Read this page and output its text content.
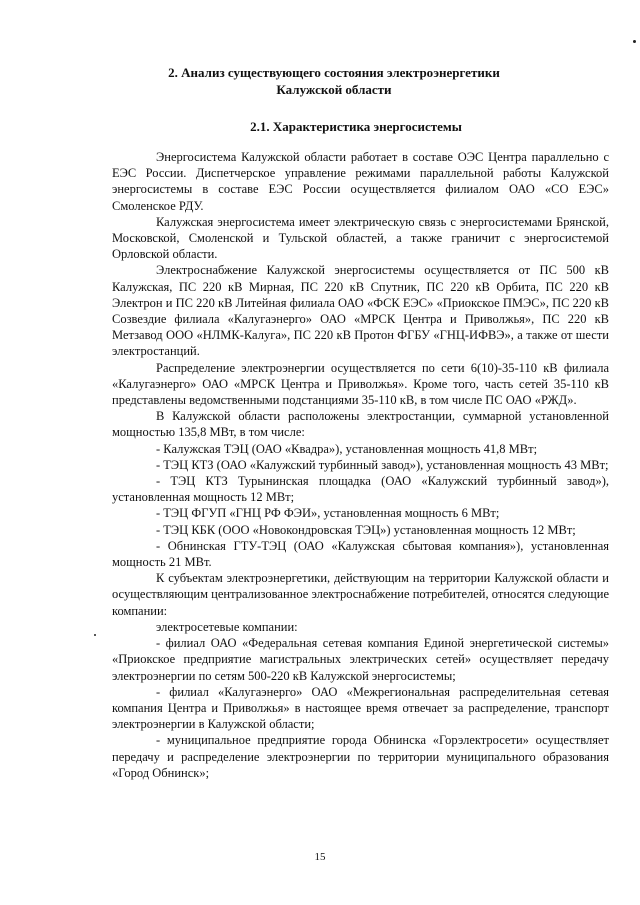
2. Анализ существующего состояния электроэнергетики
Калужской области
2.1. Характеристика энергосистемы

Энергосистема Калужской области работает в составе ОЭС Центра параллельно с ЕЭС России. Диспетчерское управление режимами параллельной работы Калужской энергосистемы в составе ЕЭС России осуществляется филиалом ОАО «СО ЕЭС» Смоленское РДУ.

Калужская энергосистема имеет электрическую связь с энергосистемами Брянской, Московской, Смоленской и Тульской областей, а также граничит с энергосистемой Орловской области.

Электроснабжение Калужской энергосистемы осуществляется от ПС 500 кВ Калужская, ПС 220 кВ Мирная, ПС 220 кВ Спутник, ПС 220 кВ Орбита, ПС 220 кВ Электрон и ПС 220 кВ Литейная филиала ОАО «ФСК ЕЭС» «Приокское ПМЭС», ПС 220 кВ Созвездие филиала «Калугаэнерго» ОАО «МРСК Центра и Приволжья», ПС 220 кВ Метзавод ООО «НЛМК-Калуга», ПС 220 кВ Протон ФГБУ «ГНЦ-ИФВЭ», а также от шести электростанций.

Распределение электроэнергии осуществляется по сети 6(10)-35-110 кВ филиала «Калугаэнерго» ОАО «МРСК Центра и Приволжья». Кроме того, часть сетей 35-110 кВ представлены ведомственными подстанциями 35-110 кВ, в том числе ПС ОАО «РЖД».

В Калужской области расположены электростанции, суммарной установленной мощностью 135,8 МВт, в том числе:

- Калужская ТЭЦ (ОАО «Квадра»), установленная мощность 41,8 МВт;

- ТЭЦ КТЗ (ОАО «Калужский турбинный завод»), установленная мощность 43 МВт;

- ТЭЦ КТЗ Турынинская площадка (ОАО «Калужский турбинный завод»), установленная мощность 12 МВт;

- ТЭЦ ФГУП «ГНЦ РФ ФЭИ», установленная мощность 6 МВт;

- ТЭЦ КБК (ООО «Новокондровская ТЭЦ») установленная мощность 12 МВт;

- Обнинская ГТУ-ТЭЦ (ОАО «Калужская сбытовая компания»), установленная мощность 21 МВт.

К субъектам электроэнергетики, действующим на территории Калужской области и осуществляющим централизованное электроснабжение потребителей, относятся следующие компании:

электросетевые компании:

- филиал ОАО «Федеральная сетевая компания Единой энергетической системы» «Приокское предприятие магистральных электрических сетей» осуществляет передачу электроэнергии по сетям 500-220 кВ Калужской энергосистемы;

- филиал «Калугаэнерго» ОАО «Межрегиональная распределительная сетевая компания Центра и Приволжья» в настоящее время отвечает за распределение, транспорт электроэнергии в Калужской области;

- муниципальное предприятие города Обнинска «Горэлектросети» осуществляет передачу и распределение электроэнергии по территории муниципального образования «Город Обнинск»;

15
